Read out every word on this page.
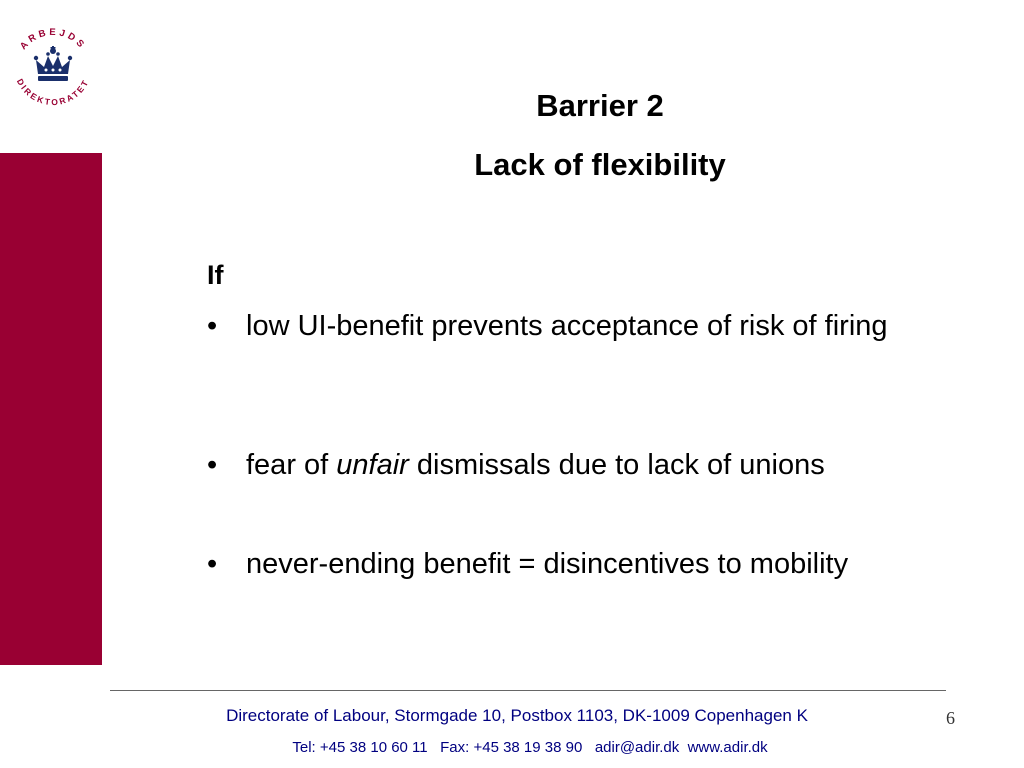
ARBEJDS
DIREKTORATET
Barrier 2
Lack of flexibility
If
• low UI-benefit prevents acceptance of risk of firing
• fear of unfair dismissals due to lack of unions
• never-ending benefit = disincentives to mobility
Directorate of Labour, Stormgade 10, Postbox 1103, DK-1009 Copenhagen K
Tel: +45 38 10 60 11   Fax: +45 38 19 38 90   adir@adir.dk  www.adir.dk
6
